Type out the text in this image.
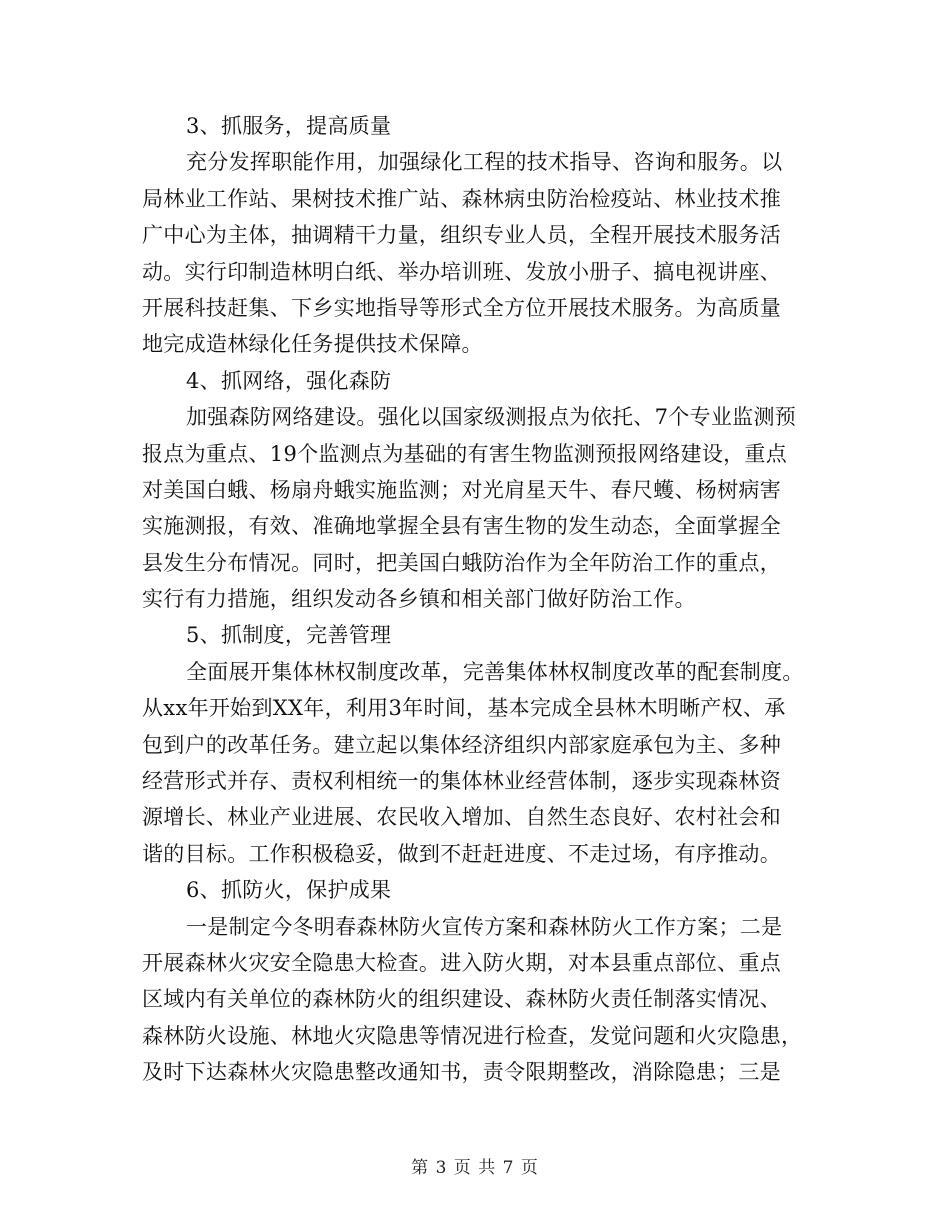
3、抓服务，提高质量
充分发挥职能作用，加强绿化工程的技术指导、咨询和服务。以
局林业工作站、果树技术推广站、森林病虫防治检疫站、林业技术推
广中心为主体，抽调精干力量，组织专业人员，全程开展技术服务活
动。实行印制造林明白纸、举办培训班、发放小册子、搞电视讲座、
开展科技赶集、下乡实地指导等形式全方位开展技术服务。为高质量
地完成造林绿化任务提供技术保障。
4、抓网络，强化森防
加强森防网络建设。强化以国家级测报点为依托、7个专业监测预
报点为重点、19个监测点为基础的有害生物监测预报网络建设，重点
对美国白蛾、杨扇舟蛾实施监测；对光肩星天牛、春尺蠖、杨树病害
实施测报，有效、准确地掌握全县有害生物的发生动态，全面掌握全
县发生分布情况。同时，把美国白蛾防治作为全年防治工作的重点，
实行有力措施，组织发动各乡镇和相关部门做好防治工作。
5、抓制度，完善管理
全面展开集体林权制度改革，完善集体林权制度改革的配套制度。
从xx年开始到XX年，利用3年时间，基本完成全县林木明晰产权、承
包到户的改革任务。建立起以集体经济组织内部家庭承包为主、多种
经营形式并存、责权利相统一的集体林业经营体制，逐步实现森林资
源增长、林业产业进展、农民收入增加、自然生态良好、农村社会和
谐的目标。工作积极稳妥，做到不赶赶进度、不走过场，有序推动。
6、抓防火，保护成果
一是制定今冬明春森林防火宣传方案和森林防火工作方案；二是
开展森林火灾安全隐患大检查。进入防火期，对本县重点部位、重点
区域内有关单位的森林防火的组织建设、森林防火责任制落实情况、
森林防火设施、林地火灾隐患等情况进行检查，发觉问题和火灾隐患，
及时下达森林火灾隐患整改通知书，责令限期整改，消除隐患；三是
第 3 页 共 7 页
